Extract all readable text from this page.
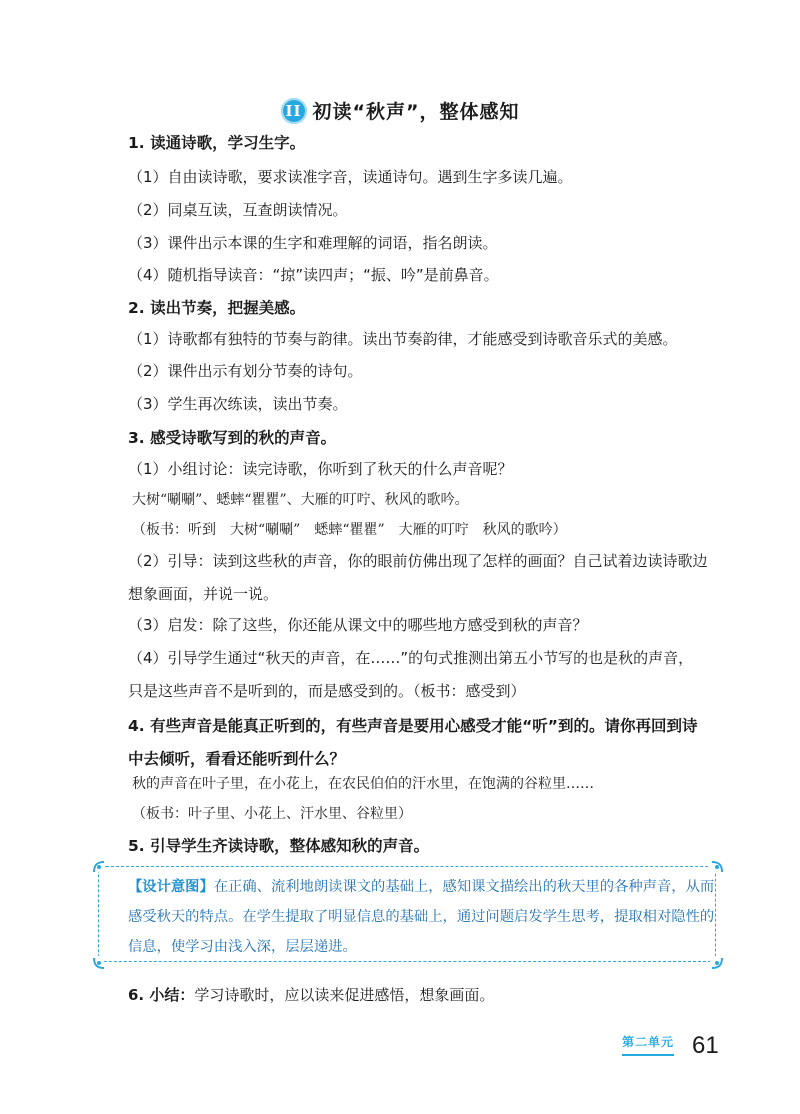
II 初读“秋声”，整体感知
1. 读通诗歌，学习生字。
（1）自由读诗歌，要求读准字音，读通诗句。遇到生字多读几遍。
（2）同桌互读，互查朗读情况。
（3）课件出示本课的生字和难理解的词语，指名朗读。
（4）随机指导读音：“掠”读四声；“振、吟”是前鼻音。
2. 读出节奏，把握美感。
（1）诗歌都有独特的节奏与韵律。读出节奏韵律，才能感受到诗歌音乐式的美感。
（2）课件出示有划分节奏的诗句。
（3）学生再次练读，读出节奏。
3. 感受诗歌写到的秋的声音。
（1）小组讨论：读完诗歌，你听到了秋天的什么声音呢？
大树“唰唰”、蟋蟀“瞿瞿”、大雁的叮咛、秋风的歌吟。
（板书：听到　大树“唰唰”　蟋蟀“瞿瞿”　大雁的叮咛　秋风的歌吟）
（2）引导：读到这些秋的声音，你的眼前仿佛出现了怎样的画面？自己试着边读诗歌边想象画面，并说一说。
（3）启发：除了这些，你还能从课文中的哪些地方感受到秋的声音？
（4）引导学生通过“秋天的声音，在……”的句式推测出第五小节写的也是秋的声音，只是这些声音不是听到的，而是感受到的。（板书：感受到）
4. 有些声音是能真正听到的，有些声音是要用心感受才能“听”到的。请你再回到诗中去倾听，看看还能听到什么？
秋的声音在叶子里，在小花上，在农民伯伯的汗水里，在饱满的谷粒里……
（板书：叶子里、小花上、汗水里、谷粒里）
5. 引导学生齐读诗歌，整体感知秋的声音。
【设计意图】在正确、流利地朗读课文的基础上，感知课文描绘出的秋天里的各种声音，从而感受秋天的特点。在学生提取了明显信息的基础上，通过问题启发学生思考，提取相对隐性的信息，使学习由浅入深，层层递进。
6. 小结：学习诗歌时，应以读来促进感悟，想象画面。
第二单元 61
